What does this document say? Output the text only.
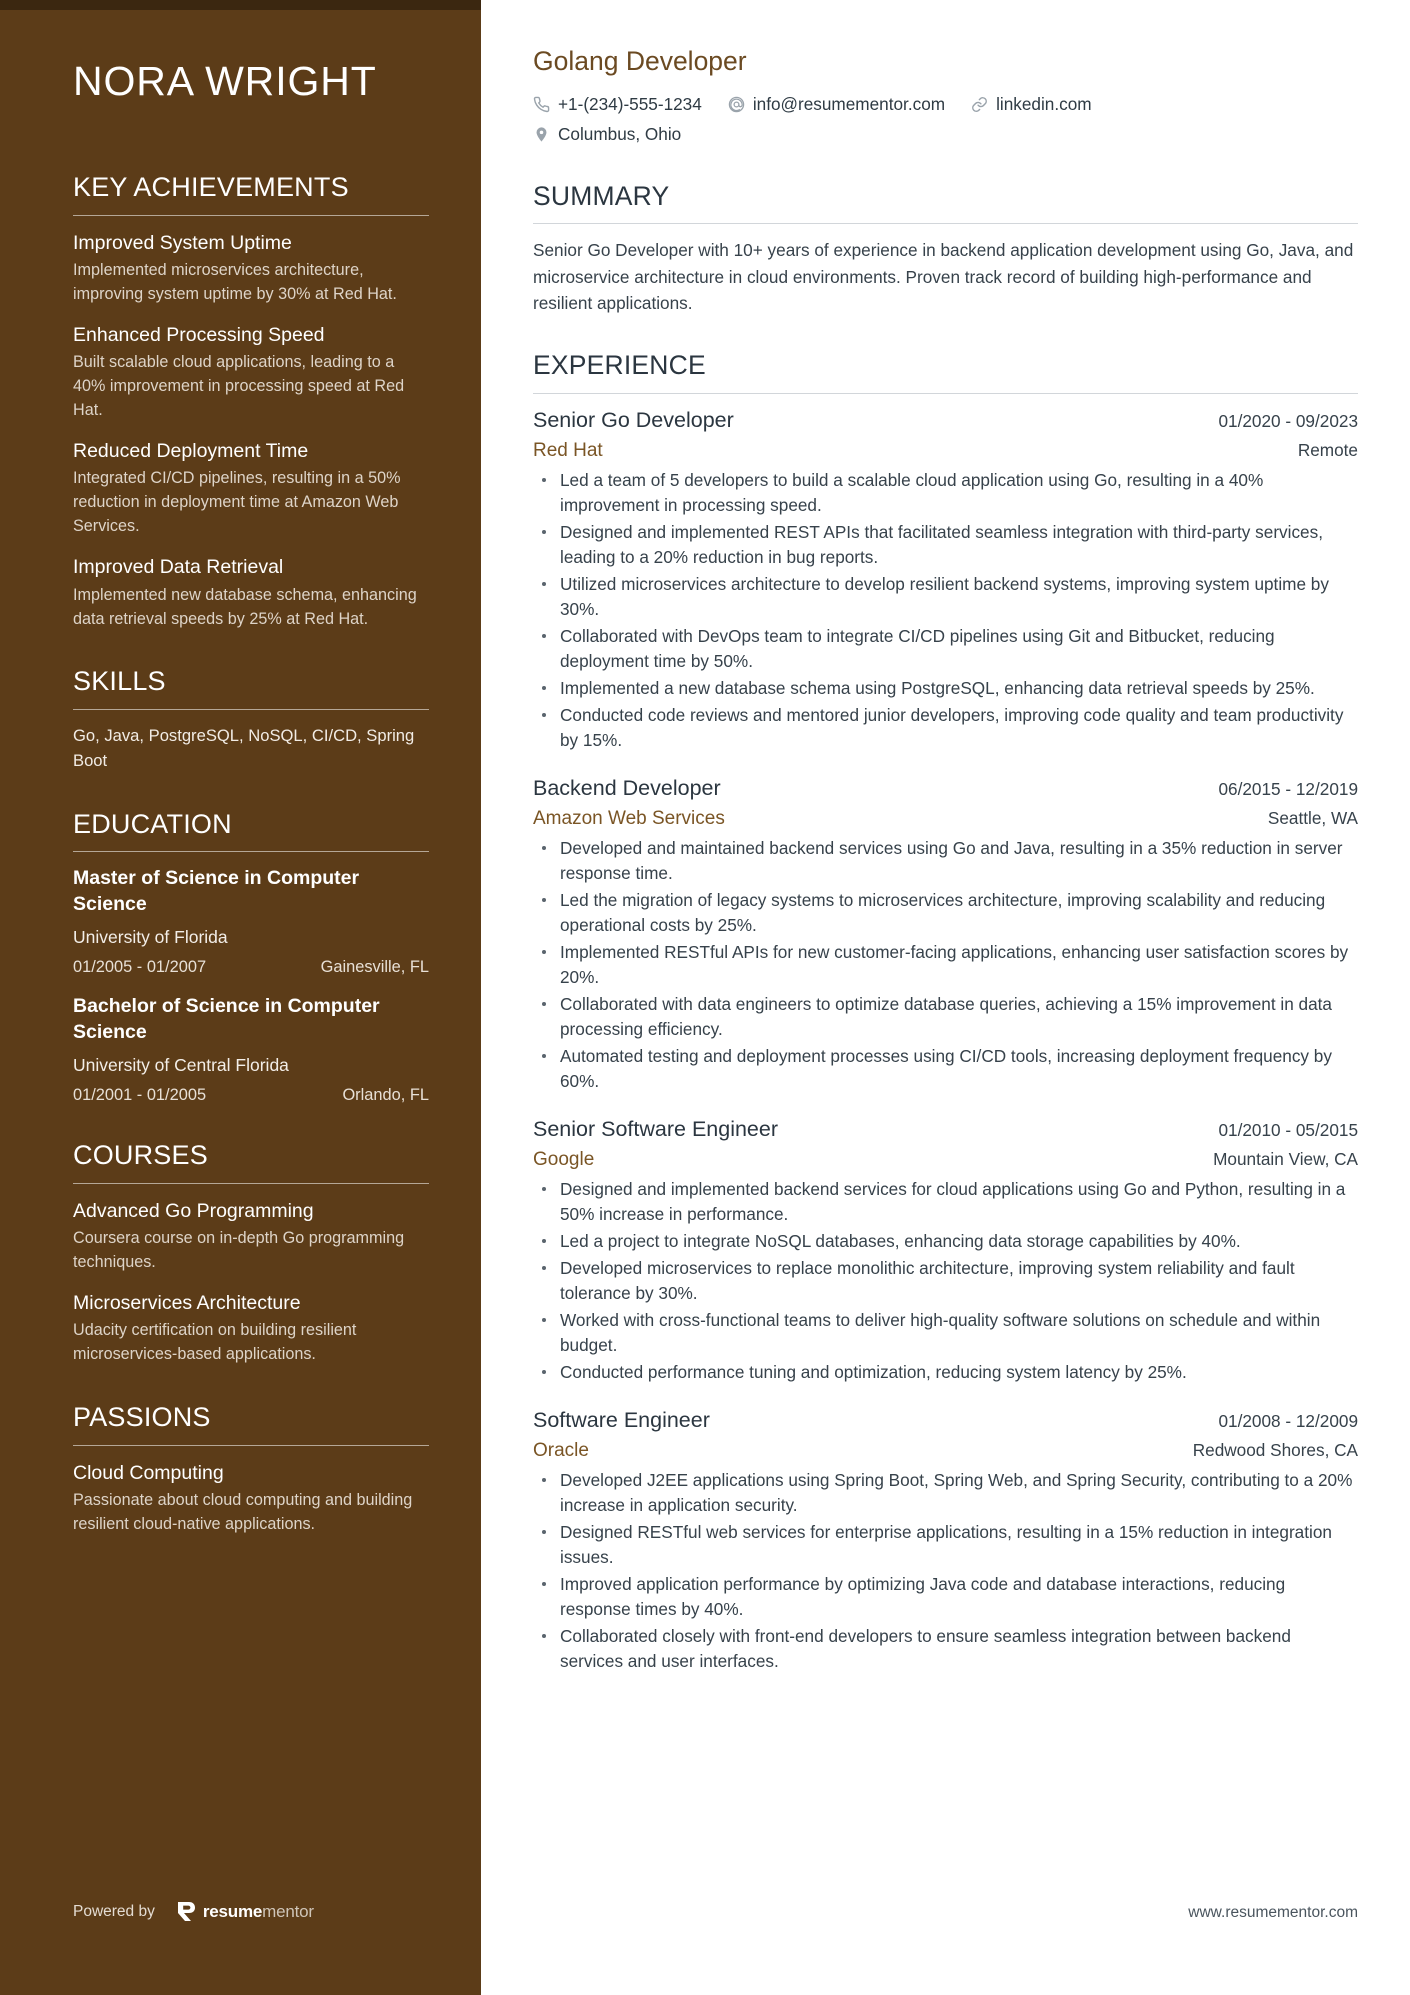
NORA WRIGHT
KEY ACHIEVEMENTS
Improved System Uptime
Implemented microservices architecture, improving system uptime by 30% at Red Hat.
Enhanced Processing Speed
Built scalable cloud applications, leading to a 40% improvement in processing speed at Red Hat.
Reduced Deployment Time
Integrated CI/CD pipelines, resulting in a 50% reduction in deployment time at Amazon Web Services.
Improved Data Retrieval
Implemented new database schema, enhancing data retrieval speeds by 25% at Red Hat.
SKILLS
Go, Java, PostgreSQL, NoSQL, CI/CD, Spring Boot
EDUCATION
Master of Science in Computer Science
University of Florida
01/2005 - 01/2007	Gainesville, FL
Bachelor of Science in Computer Science
University of Central Florida
01/2001 - 01/2005	Orlando, FL
COURSES
Advanced Go Programming
Coursera course on in-depth Go programming techniques.
Microservices Architecture
Udacity certification on building resilient microservices-based applications.
PASSIONS
Cloud Computing
Passionate about cloud computing and building resilient cloud-native applications.
Powered by	resumementor
Golang Developer
+1-(234)-555-1234	info@resumementor.com	linkedin.com
Columbus, Ohio
SUMMARY

Senior Go Developer with 10+ years of experience in backend application development using Go, Java, and microservice architecture in cloud environments. Proven track record of building high-performance and resilient applications.

EXPERIENCE
Senior Go Developer	01/2020 - 09/2023
Red Hat	Remote
Led a team of 5 developers to build a scalable cloud application using Go, resulting in a 40% improvement in processing speed.
Designed and implemented REST APIs that facilitated seamless integration with third-party services, leading to a 20% reduction in bug reports.
Utilized microservices architecture to develop resilient backend systems, improving system uptime by 30%.
Collaborated with DevOps team to integrate CI/CD pipelines using Git and Bitbucket, reducing deployment time by 50%.
Implemented a new database schema using PostgreSQL, enhancing data retrieval speeds by 25%.
Conducted code reviews and mentored junior developers, improving code quality and team productivity by 15%.
Backend Developer	06/2015 - 12/2019
Amazon Web Services	Seattle, WA
Developed and maintained backend services using Go and Java, resulting in a 35% reduction in server response time.
Led the migration of legacy systems to microservices architecture, improving scalability and reducing operational costs by 25%.
Implemented RESTful APIs for new customer-facing applications, enhancing user satisfaction scores by 20%.
Collaborated with data engineers to optimize database queries, achieving a 15% improvement in data processing efficiency.
Automated testing and deployment processes using CI/CD tools, increasing deployment frequency by 60%.
Senior Software Engineer	01/2010 - 05/2015
Google	Mountain View, CA
Designed and implemented backend services for cloud applications using Go and Python, resulting in a 50% increase in performance.
Led a project to integrate NoSQL databases, enhancing data storage capabilities by 40%.
Developed microservices to replace monolithic architecture, improving system reliability and fault tolerance by 30%.
Worked with cross-functional teams to deliver high-quality software solutions on schedule and within budget.
Conducted performance tuning and optimization, reducing system latency by 25%.
Software Engineer	01/2008 - 12/2009
Oracle	Redwood Shores, CA
Developed J2EE applications using Spring Boot, Spring Web, and Spring Security, contributing to a 20% increase in application security.
Designed RESTful web services for enterprise applications, resulting in a 15% reduction in integration issues.
Improved application performance by optimizing Java code and database interactions, reducing response times by 40%.
Collaborated closely with front-end developers to ensure seamless integration between backend services and user interfaces.
www.resumementor.com
